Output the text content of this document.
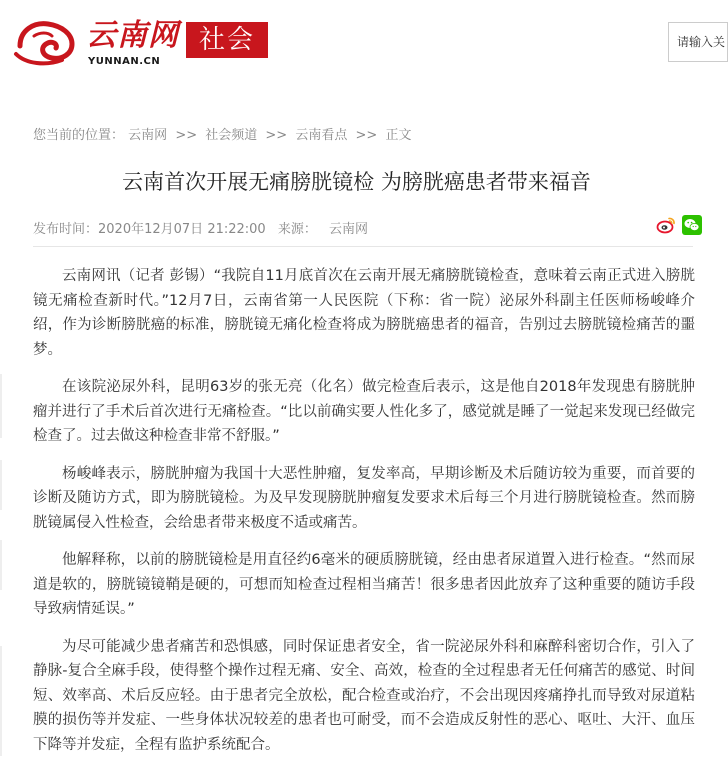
云南网
YUNNAN.CN
社会	请输入关
您当前的位置： 云南网 >> 社会频道 >> 云南看点 >> 正文
云南首次开展无痛膀胱镜检 为膀胱癌患者带来福音
发布时间：2020年12月07日 21:22:00 来源： 云南网

云南网讯（记者 彭锡）“我院自11月底首次在云南开展无痛膀胱镜检查，意味着云南正式进入膀胱镜无痛检查新时代。”12月7日，云南省第一人民医院（下称：省一院）泌尿外科副主任医师杨峻峰介绍，作为诊断膀胱癌的标准，膀胱镜无痛化检查将成为膀胱癌患者的福音，告别过去膀胱镜检痛苦的噩梦。

在该院泌尿外科，昆明63岁的张无亮（化名）做完检查后表示，这是他自2018年发现患有膀胱肿瘤并进行了手术后首次进行无痛检查。“比以前确实要人性化多了，感觉就是睡了一觉起来发现已经做完检查了。过去做这种检查非常不舒服。”

杨峻峰表示，膀胱肿瘤为我国十大恶性肿瘤，复发率高，早期诊断及术后随访较为重要，而首要的诊断及随访方式，即为膀胱镜检。为及早发现膀胱肿瘤复发要求术后每三个月进行膀胱镜检查。然而膀胱镜属侵入性检查，会给患者带来极度不适或痛苦。

他解释称，以前的膀胱镜检是用直径约6毫米的硬质膀胱镜，经由患者尿道置入进行检查。“然而尿道是软的，膀胱镜镜鞘是硬的，可想而知检查过程相当痛苦！很多患者因此放弃了这种重要的随访手段导致病情延误。”

为尽可能减少患者痛苦和恐惧感，同时保证患者安全，省一院泌尿外科和麻醉科密切合作，引入了静脉-复合全麻手段，使得整个操作过程无痛、安全、高效，检查的全过程患者无任何痛苦的感觉、时间短、效率高、术后反应轻。由于患者完全放松，配合检查或治疗，不会出现因疼痛挣扎而导致对尿道粘膜的损伤等并发症、一些身体状况较差的患者也可耐受，而不会造成反射性的恶心、呕吐、大汗、血压下降等并发症，全程有监护系统配合。
